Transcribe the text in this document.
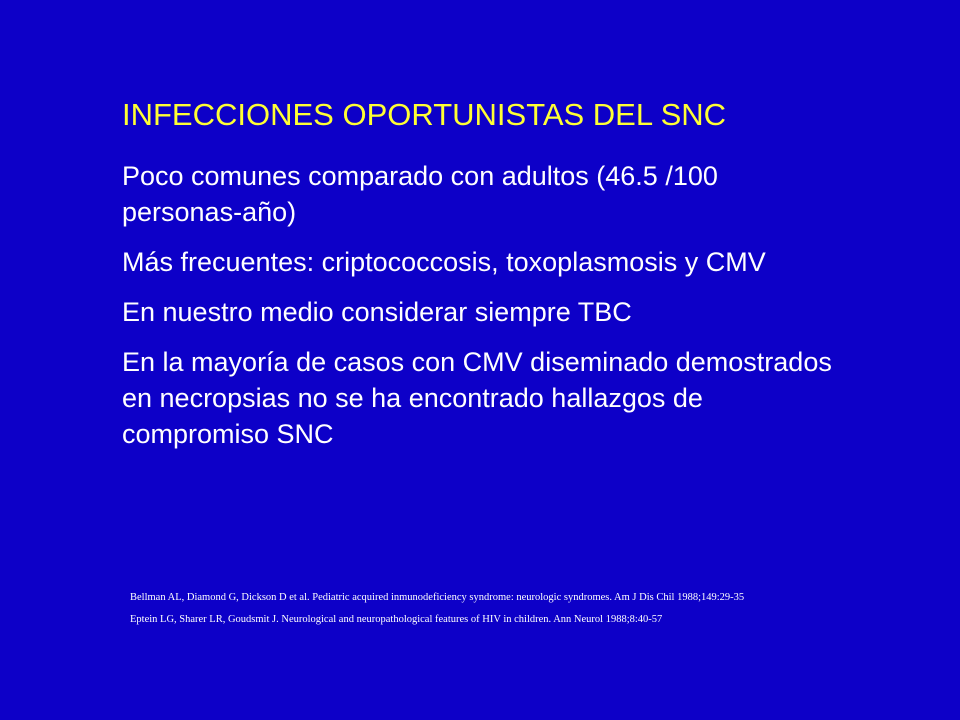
INFECCIONES OPORTUNISTAS DEL SNC
Poco comunes comparado con adultos (46.5 /100 personas-año)
Más frecuentes: criptococcosis, toxoplasmosis y CMV
En nuestro medio considerar siempre TBC
En la mayoría de casos con CMV diseminado demostrados en necropsias no se ha encontrado hallazgos de compromiso SNC
Bellman AL, Diamond G, Dickson D et al. Pediatric acquired inmunodeficiency syndrome: neurologic syndromes. Am J Dis Chil 1988;149:29-35
Eptein LG, Sharer LR, Goudsmit J. Neurological and neuropathological features of HIV in children. Ann Neurol 1988;8:40-57
